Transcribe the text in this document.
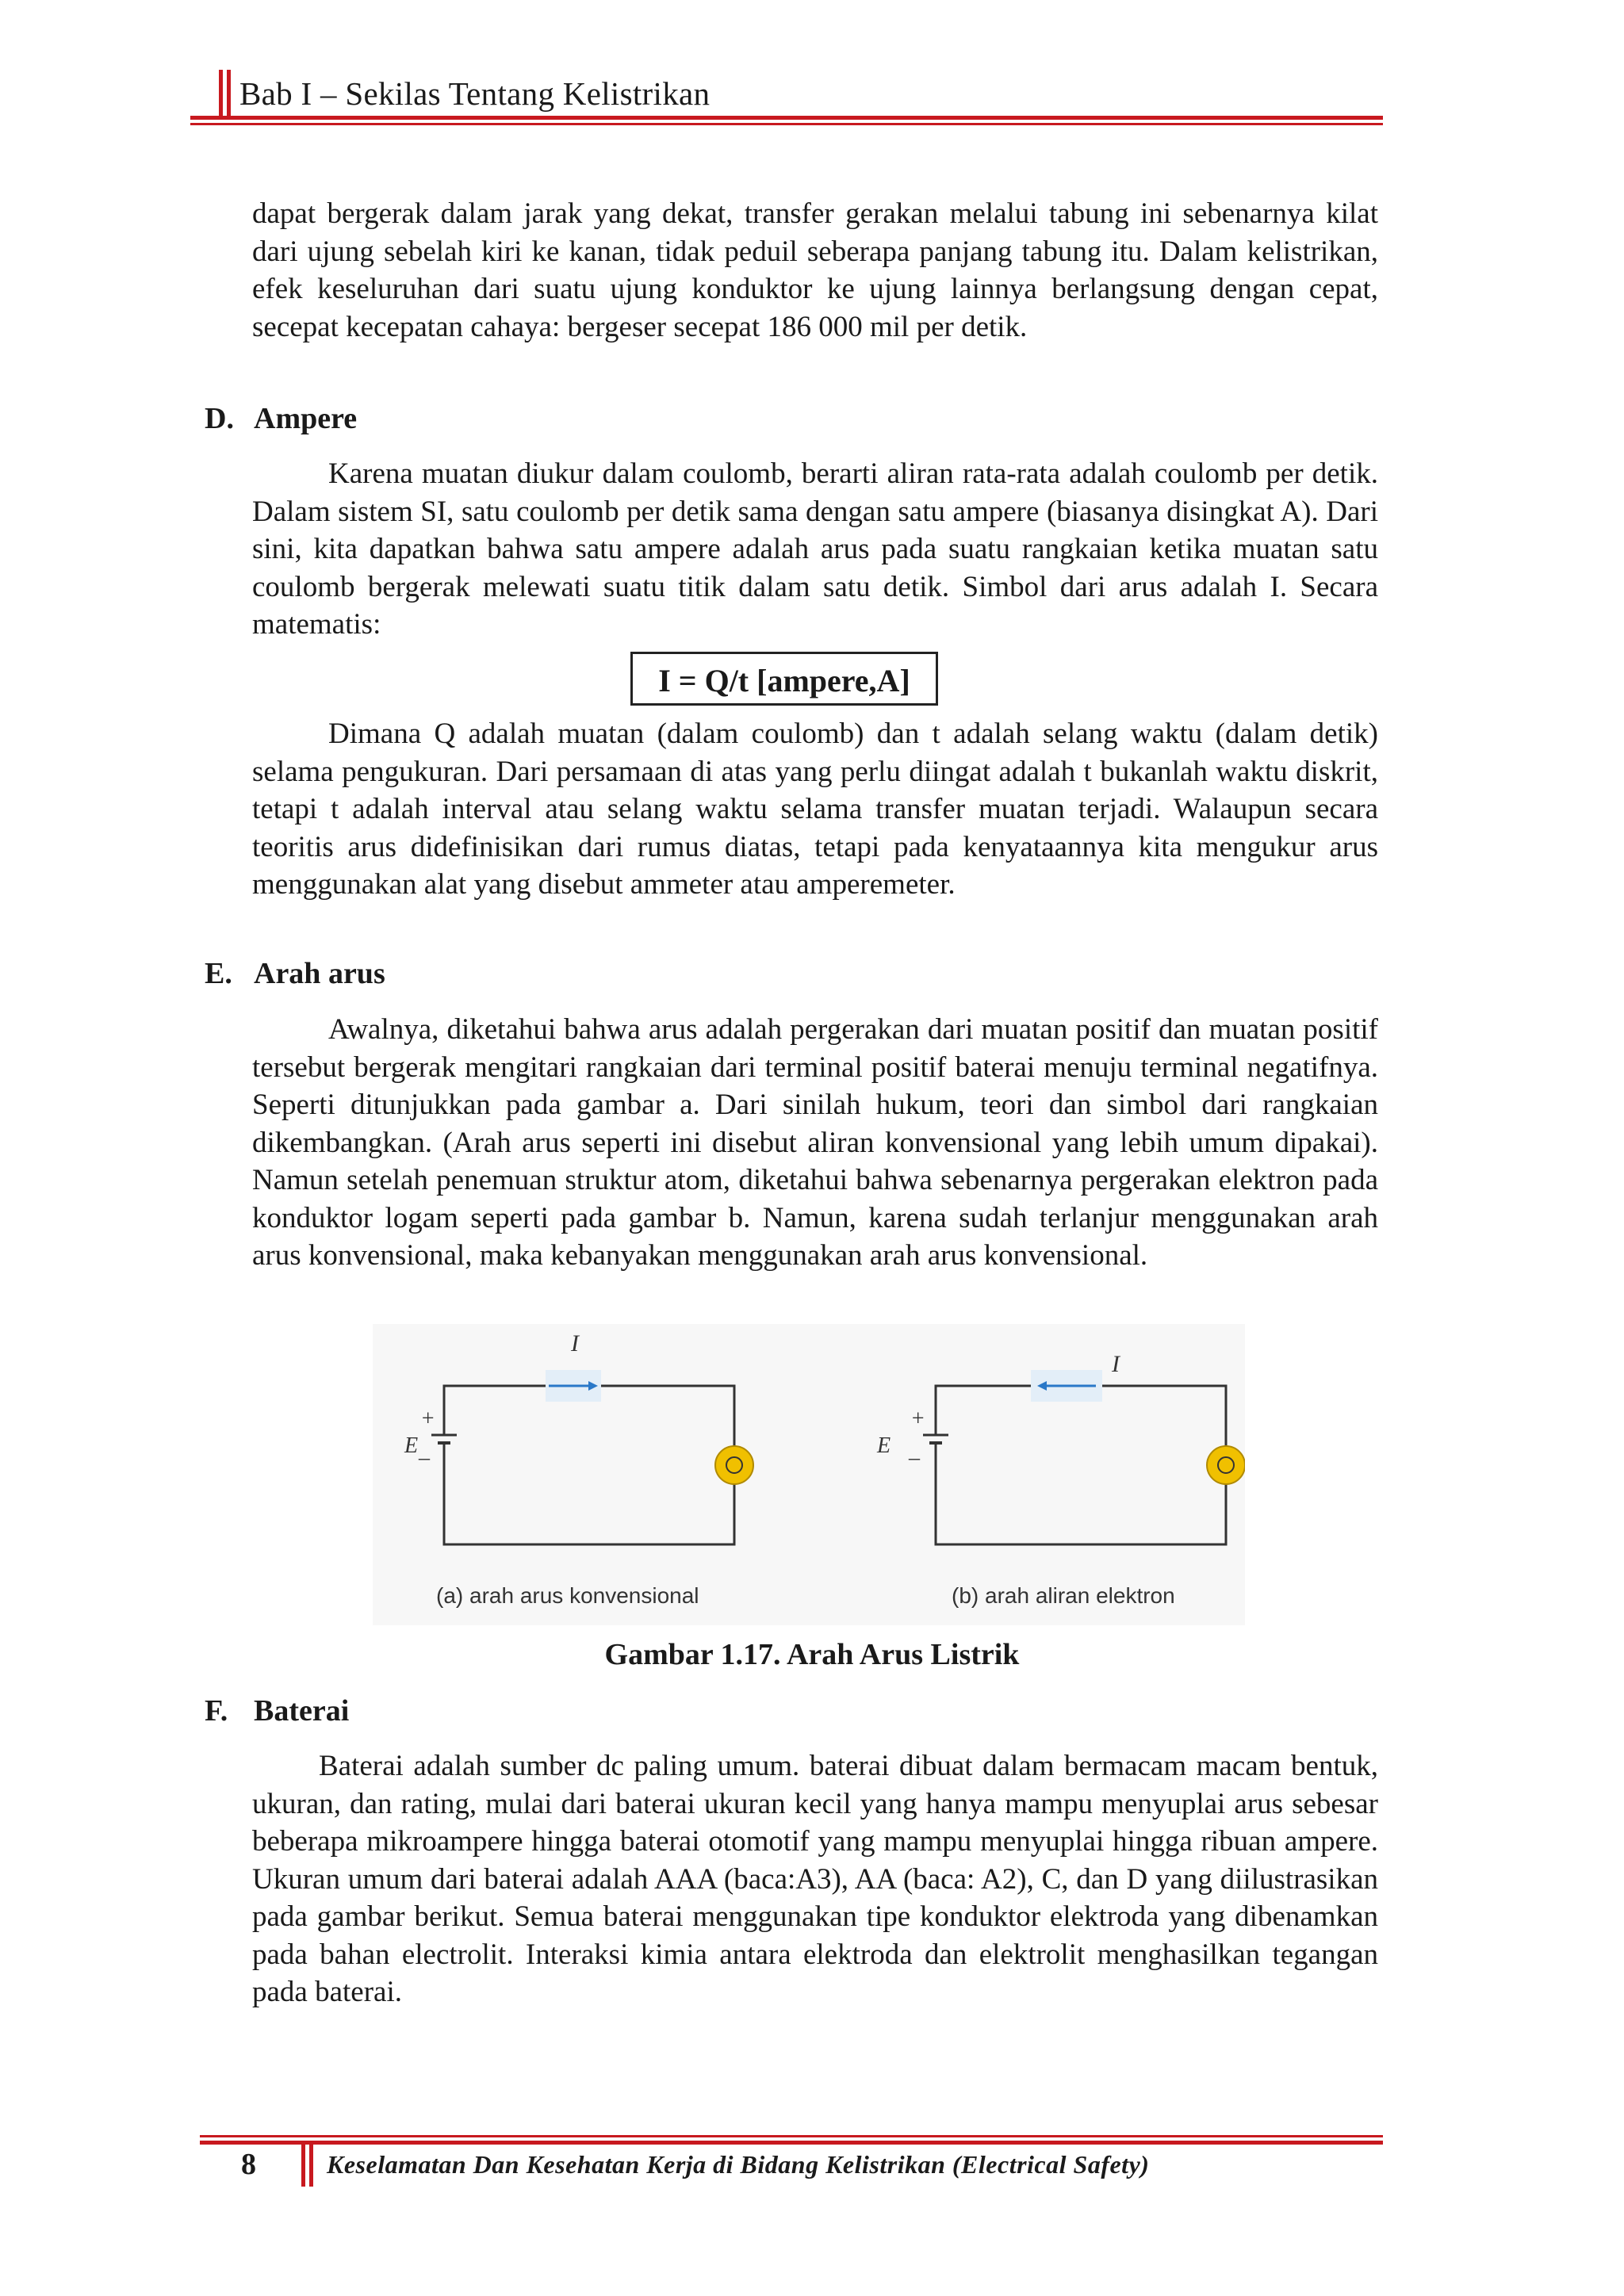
Bab I – Sekilas Tentang Kelistrikan

dapat bergerak dalam jarak yang dekat, transfer gerakan melalui tabung ini sebenarnya kilat dari ujung sebelah kiri ke kanan, tidak peduil seberapa panjang tabung itu. Dalam kelistrikan, efek keseluruhan dari suatu ujung konduktor ke ujung lainnya berlangsung dengan cepat, secepat kecepatan cahaya: bergeser secepat 186 000 mil per detik.

D. Ampere

Karena muatan diukur dalam coulomb, berarti aliran rata-rata adalah coulomb per detik. Dalam sistem SI, satu coulomb per detik sama dengan satu ampere (biasanya disingkat A). Dari sini, kita dapatkan bahwa satu ampere adalah arus pada suatu rangkaian ketika muatan satu coulomb bergerak melewati suatu titik dalam satu detik. Simbol dari arus adalah I. Secara matematis:

I = Q/t [ampere,A]

Dimana Q adalah muatan (dalam coulomb) dan t adalah selang waktu (dalam detik) selama pengukuran. Dari persamaan di atas yang perlu diingat adalah t bukanlah waktu diskrit, tetapi t adalah interval atau selang waktu selama transfer muatan terjadi. Walaupun secara teoritis arus didefinisikan dari rumus diatas, tetapi pada kenyataannya kita mengukur arus menggunakan alat yang disebut ammeter atau amperemeter.

E. Arah arus

Awalnya, diketahui bahwa arus adalah pergerakan dari muatan positif dan muatan positif tersebut bergerak mengitari rangkaian dari terminal positif baterai menuju terminal negatifnya. Seperti ditunjukkan pada gambar a. Dari sinilah hukum, teori dan simbol dari rangkaian dikembangkan. (Arah arus seperti ini disebut aliran konvensional yang lebih umum dipakai). Namun setelah penemuan struktur atom, diketahui bahwa sebenarnya pergerakan elektron pada konduktor logam seperti pada gambar b. Namun, karena sudah terlanjur menggunakan arah arus konvensional, maka kebanyakan menggunakan arah arus konvensional.

E
+
_
I
(a) arah arus konvensional
E
+
_
I
(b) arah aliran elektron
Gambar 1.17. Arah Arus Listrik
F. Baterai

Baterai adalah sumber dc paling umum. baterai dibuat dalam bermacam macam bentuk, ukuran, dan rating, mulai dari baterai ukuran kecil yang hanya mampu menyuplai arus sebesar beberapa mikroampere hingga baterai otomotif yang mampu menyuplai hingga ribuan ampere. Ukuran umum dari baterai adalah AAA (baca:A3), AA (baca: A2), C, dan D yang diilustrasikan pada gambar berikut. Semua baterai menggunakan tipe konduktor elektroda yang dibenamkan pada bahan electrolit. Interaksi kimia antara elektroda dan elektrolit menghasilkan tegangan pada baterai.

8	Keselamatan Dan Kesehatan Kerja di Bidang Kelistrikan (Electrical Safety)
